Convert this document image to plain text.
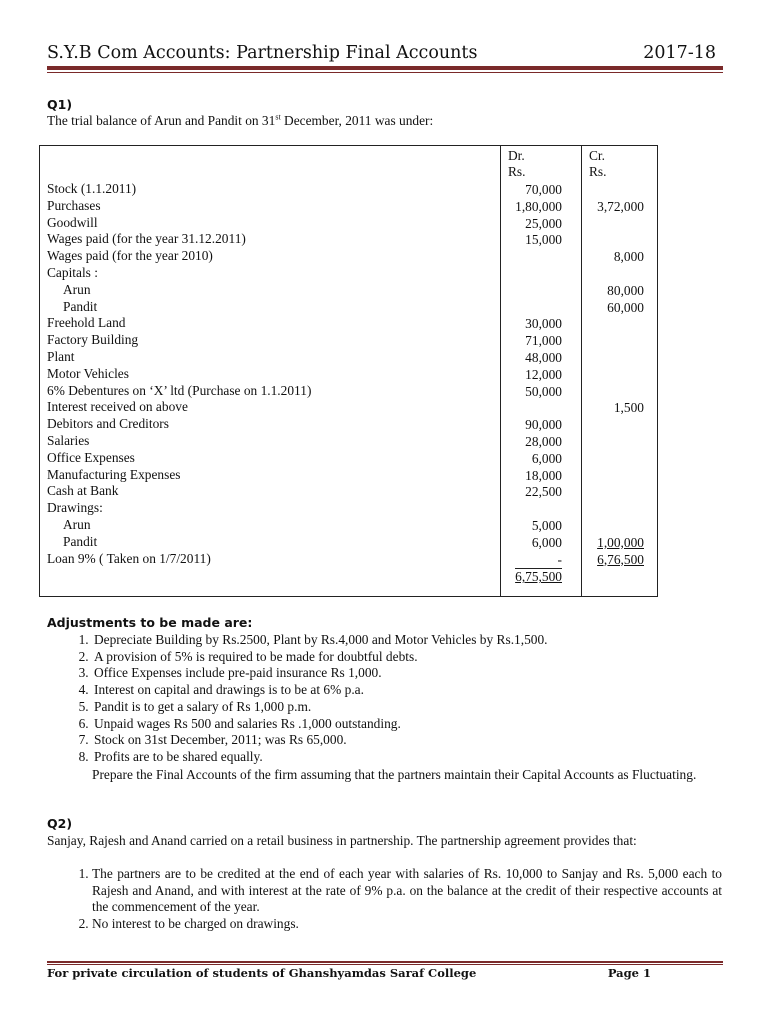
S.Y.B Com Accounts: Partnership Final Accounts	2017-18
Q1)
The trial balance of Arun and Pandit on 31st December, 2011 was under:
Dr.
Rs.
Cr.
Rs.
Stock (1.1.2011)
Purchases
Goodwill
Wages paid (for the year 31.12.2011)
Wages paid (for the year 2010)
Capitals :
Arun
Pandit
Freehold Land
Factory Building
Plant
Motor Vehicles
6% Debentures on ‘X’ ltd (Purchase on 1.1.2011)
Interest received on above
Debitors and Creditors
Salaries
Office Expenses
Manufacturing Expenses
Cash at Bank
Drawings:
Arun
Pandit
Loan 9% ( Taken on 1/7/2011)
70,000
1,80,000
25,000
15,000
30,000
71,000
48,000
12,000
50,000
90,000
28,000
6,000
18,000
22,500
5,000
6,000
-
6,75,500
3,72,000
8,000
80,000
60,000
1,500
1,00,000
6,76,500
Adjustments to be made are:
1. Depreciate Building by Rs.2500, Plant by Rs.4,000 and Motor Vehicles by Rs.1,500.
2. A provision of 5% is required to be made for doubtful debts.
3. Office Expenses include pre-paid insurance Rs 1,000.
4. Interest on capital and drawings is to be at 6% p.a.
5. Pandit is to get a salary of Rs 1,000 p.m.
6. Unpaid wages Rs 500 and salaries Rs .1,000 outstanding.
7. Stock on 31st December, 2011; was Rs 65,000.
8. Profits are to be shared equally.
Prepare the Final Accounts of the firm assuming that the partners maintain their Capital Accounts as Fluctuating.
Q2)
Sanjay, Rajesh and Anand carried on a retail business in partnership. The partnership agreement provides that:
1. The partners are to be credited at the end of each year with salaries of Rs. 10,000 to Sanjay and Rs. 5,000 each to Rajesh and Anand, and with interest at the rate of 9% p.a. on the balance at the credit of their respective accounts at the commencement of the year.
2. No interest to be charged on drawings.
For private circulation of students of Ghanshyamdas Saraf College	Page 1
